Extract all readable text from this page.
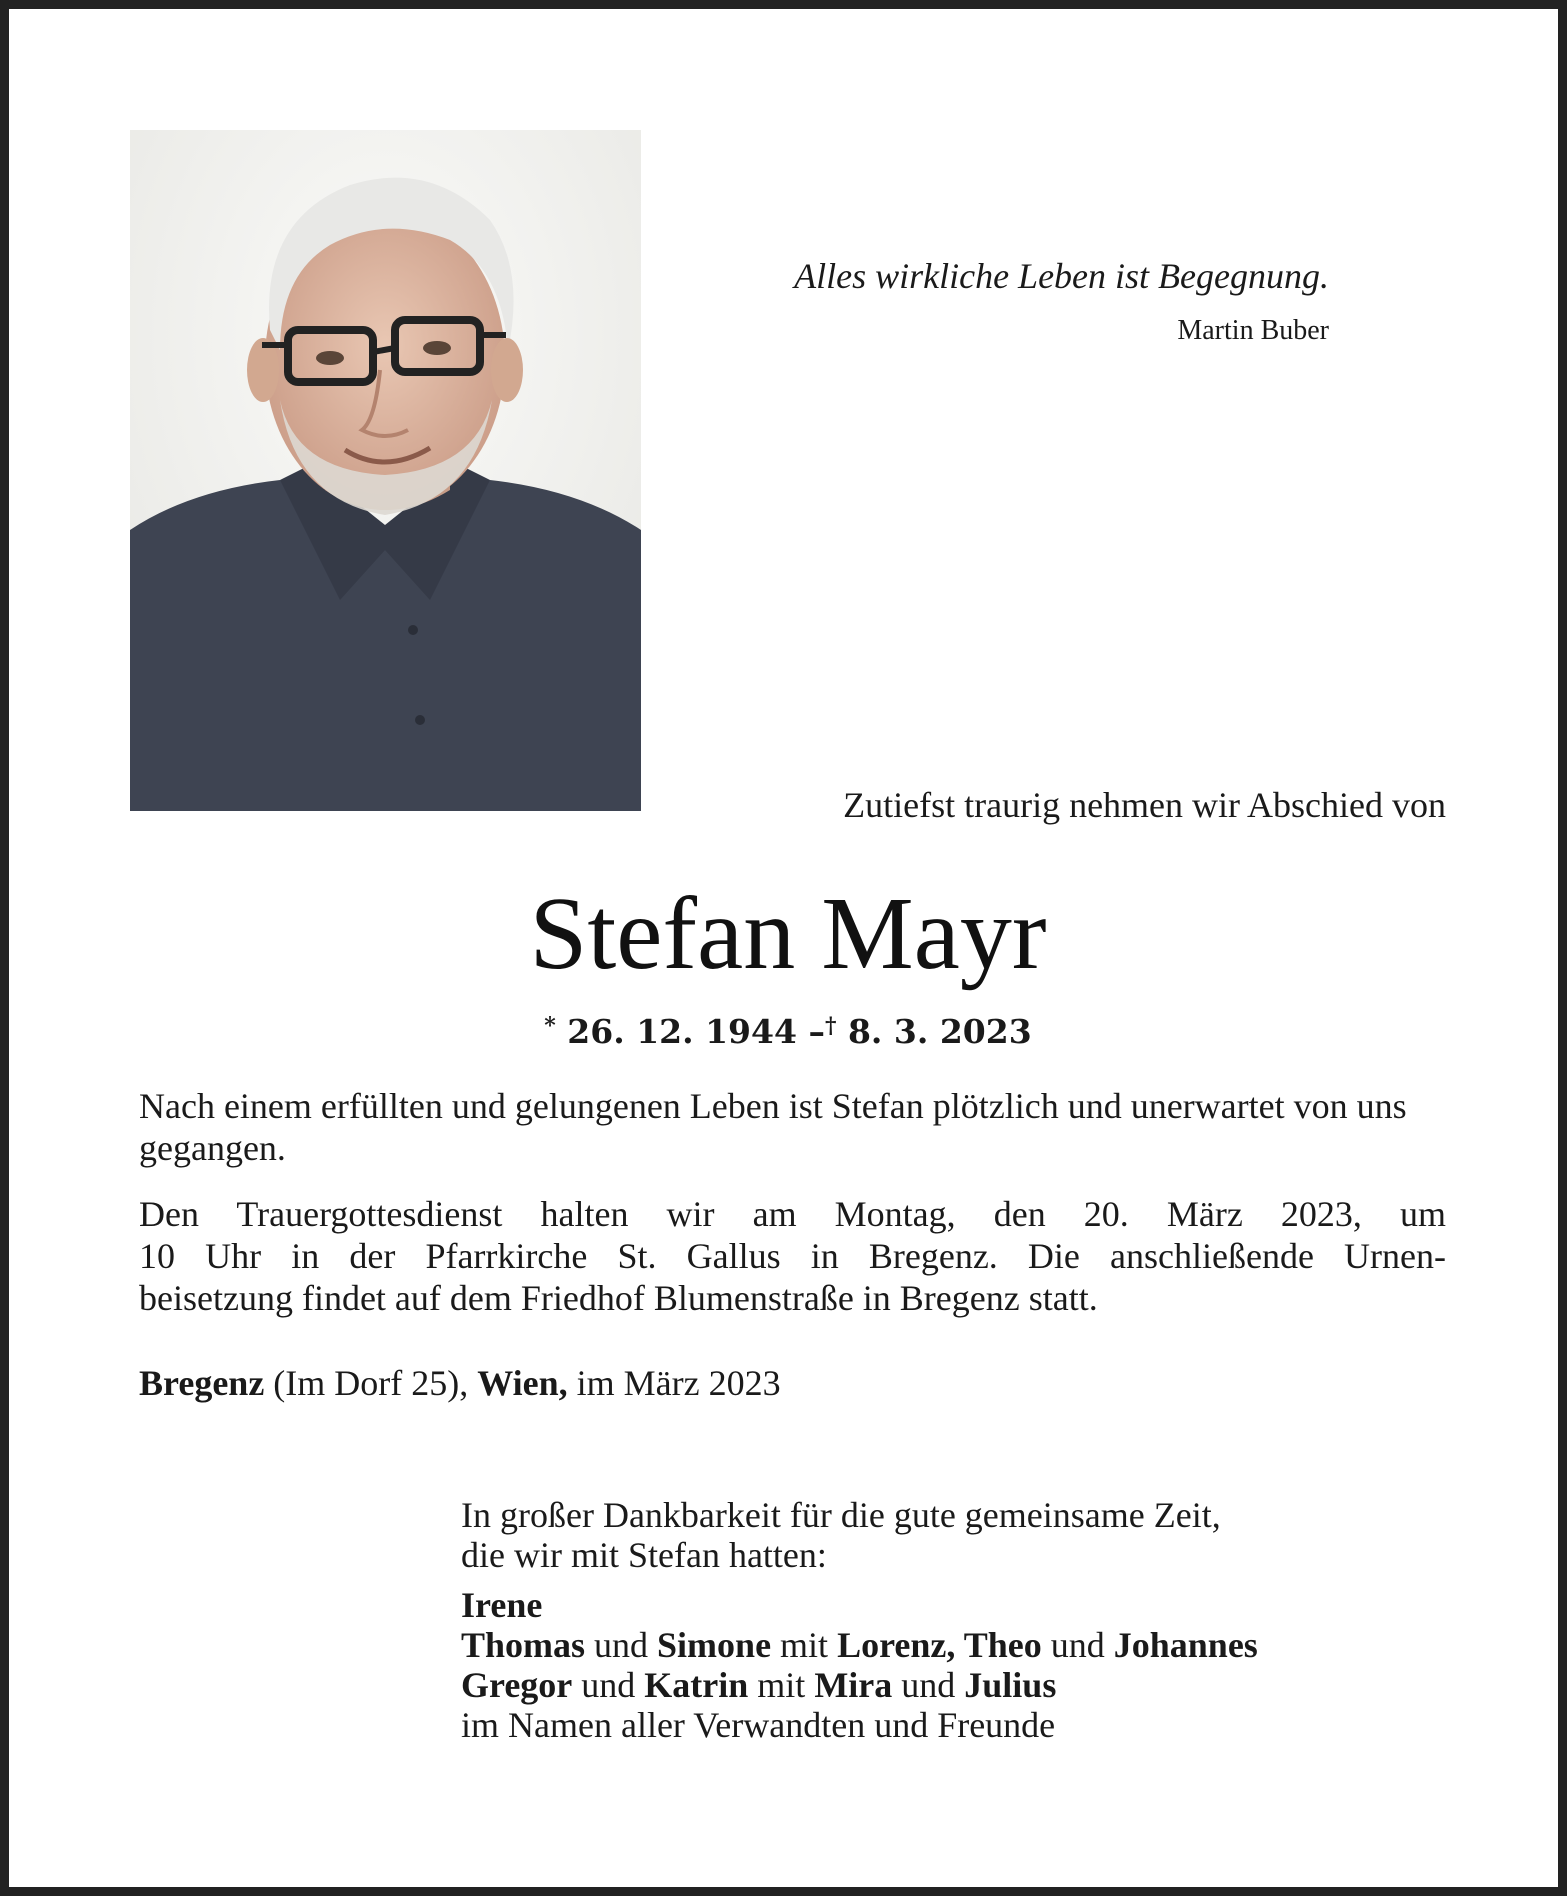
Alles wirkliche Leben ist Begegnung.
Martin Buber
Zutiefst traurig nehmen wir Abschied von
Stefan Mayr
* 26. 12. 1944 –† 8. 3. 2023
Nach einem erfüllten und gelungenen Leben ist Stefan plötzlich und unerwartet von uns gegangen.
Den Trauergottesdienst halten wir am Montag, den 20. März 2023, um
10 Uhr in der Pfarrkirche St. Gallus in Bregenz. Die anschließende Urnen-
beisetzung findet auf dem Friedhof Blumenstraße in Bregenz statt.
Bregenz (Im Dorf 25), Wien, im März 2023
In großer Dankbarkeit für die gute gemeinsame Zeit,
die wir mit Stefan hatten:
Irene
Thomas und Simone mit Lorenz, Theo und Johannes
Gregor und Katrin mit Mira und Julius
im Namen aller Verwandten und Freunde
